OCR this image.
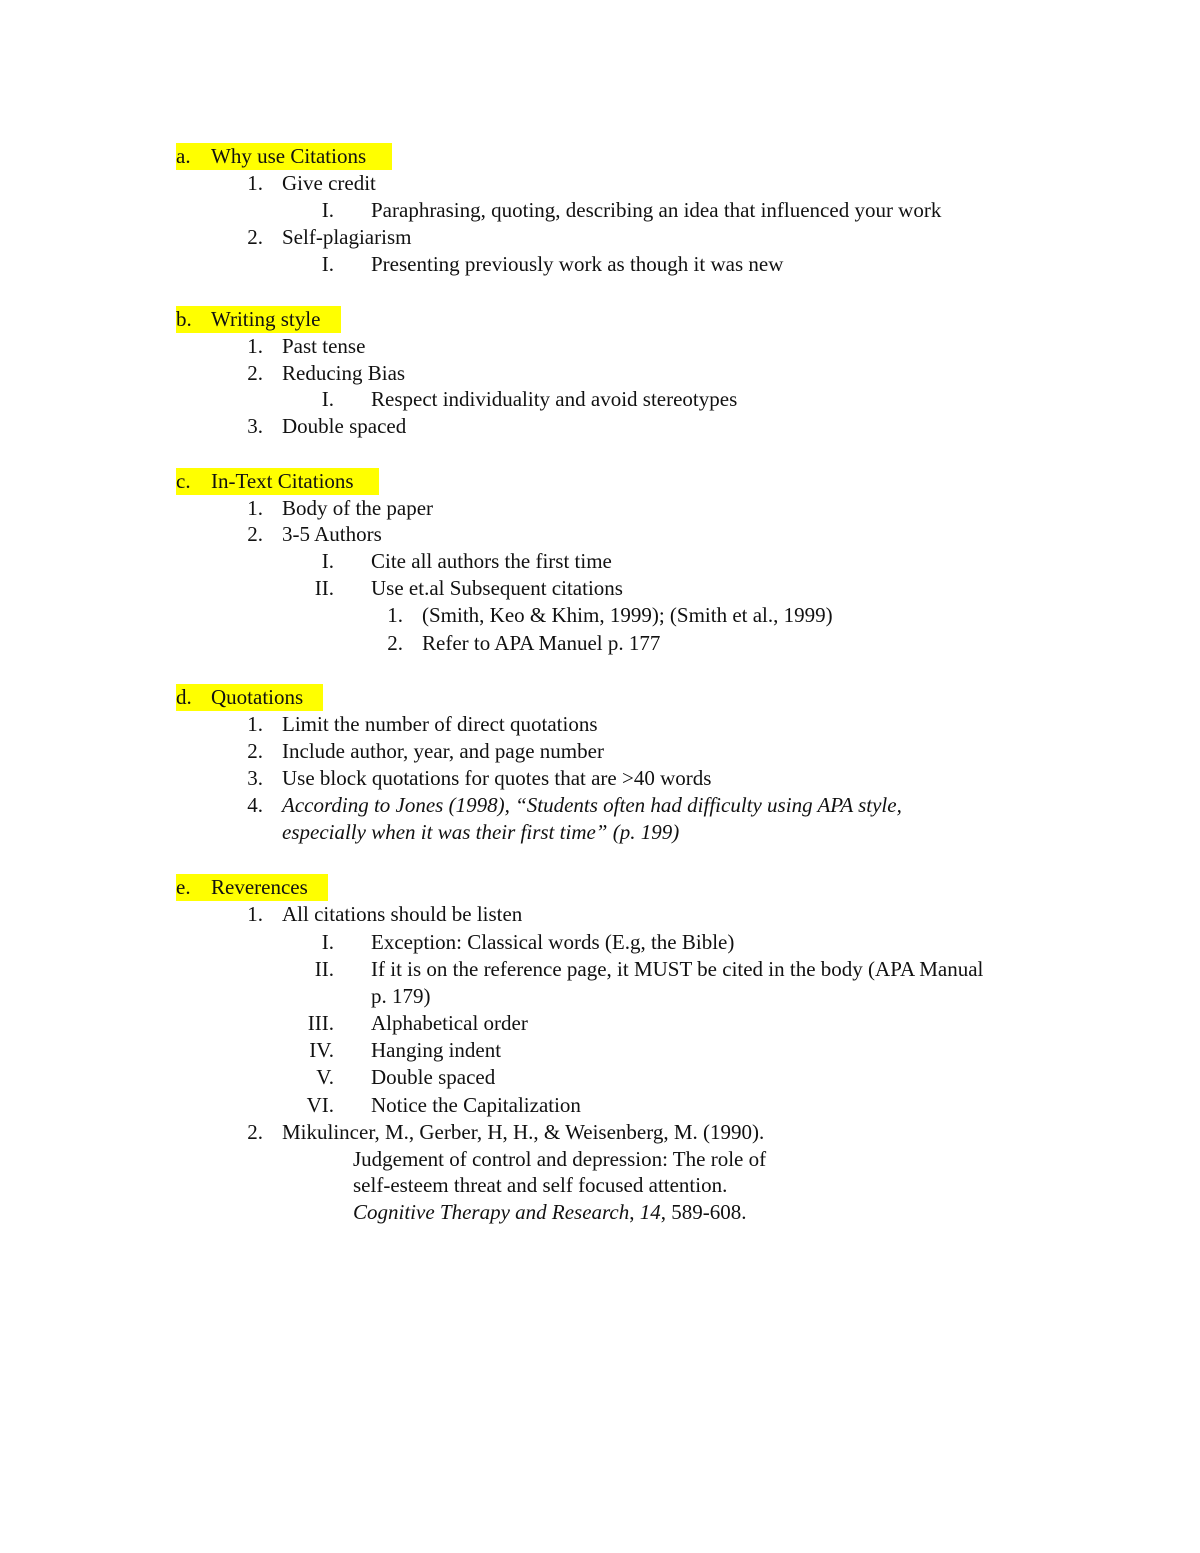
a. Why use Citations
1. Give credit
I. Paraphrasing, quoting, describing an idea that influenced your work
2. Self-plagiarism
I. Presenting previously work as though it was new
b. Writing style
1. Past tense
2. Reducing Bias
I. Respect individuality and avoid stereotypes
3. Double spaced
c. In-Text Citations
1. Body of the paper
2. 3-5 Authors
I. Cite all authors the first time
II. Use et.al Subsequent citations
1. (Smith, Keo & Khim, 1999); (Smith et al., 1999)
2. Refer to APA Manuel p. 177
d. Quotations
1. Limit the number of direct quotations
2. Include author, year, and page number
3. Use block quotations for quotes that are >40 words
4. According to Jones (1998), “Students often had difficulty using APA style,
especially when it was their first time” (p. 199)
e. Reverences
1. All citations should be listen
I. Exception: Classical words (E.g, the Bible)
II. If it is on the reference page, it MUST be cited in the body (APA Manual
p. 179)
III. Alphabetical order
IV. Hanging indent
V. Double spaced
VI. Notice the Capitalization
2. Mikulincer, M., Gerber, H, H., & Weisenberg, M. (1990).
Judgement of control and depression: The role of
self-esteem threat and self focused attention.
Cognitive Therapy and Research, 14, 589-608.
